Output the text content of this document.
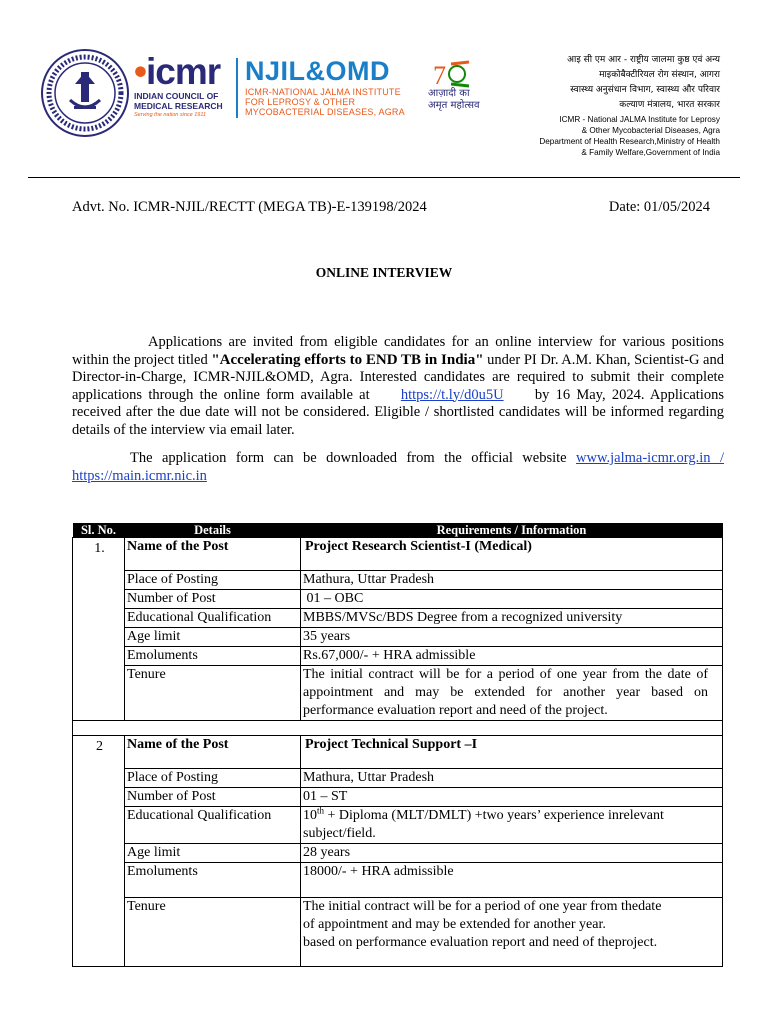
•icmr
INDIAN COUNCIL OF MEDICAL RESEARCH
Serving the nation since 1911
NJIL&OMD
ICMR-NATIONAL JALMA INSTITUTE FOR LEPROSY & OTHER MYCOBACTERIAL DISEASES, AGRA
7
आज़ादी का अमृत महोत्सव
आइ सी एम आर - राष्ट्रीय जालमा कुष्ठ एवं अन्य
माइकोबैक्टीरियल रोग संस्थान, आगरा
स्वास्थ्य अनुसंधान विभाग, स्वास्थ्य और परिवार
कल्याण मंत्रालय, भारत सरकार
ICMR - National JALMA Institute for Leprosy
& Other Mycobacterial Diseases, Agra
Department of Health Research,Ministry of Health
& Family Welfare,Government of India
Advt. No. ICMR-NJIL/RECTT (MEGA TB)-E-139198/2024	Date: 01/05/2024
ONLINE INTERVIEW
Applications are invited from eligible candidates for an online interview for various positions within the project titled "Accelerating efforts to END TB in India" under PI Dr. A.M. Khan, Scientist-G and Director-in-Charge, ICMR-NJIL&OMD, Agra. Interested candidates are required to submit their complete applications through the online form available at     https://t.ly/d0u5U     by 16 May, 2024. Applications received after the due date will not be considered. Eligible / shortlisted candidates will be informed regarding details of the interview via email later.
The application form can be downloaded from the official website www.jalma-icmr.org.in / https://main.icmr.nic.in
Sl. No.	Details	Requirements / Information
1.	Name of the Post	Project Research Scientist-I (Medical)
	Place of Posting	Mathura, Uttar Pradesh
	Number of Post	01 – OBC
	Educational Qualification	MBBS/MVSc/BDS Degree from a recognized university
	Age limit	35 years
	Emoluments	Rs.67,000/- + HRA admissible
	Tenure	The initial contract will be for a period of one year from the date of appointment and may be extended for another year based on performance evaluation report and need of the project.

2	Name of the Post	Project Technical Support –I
	Place of Posting	Mathura, Uttar Pradesh
	Number of Post	01 – ST
	Educational Qualification	10th + Diploma (MLT/DMLT) +two years’ experience inrelevant subject/field.
	Age limit	28 years
	Emoluments	18000/- + HRA admissible
	Tenure	The initial contract will be for a period of one year from thedate
of appointment and may be extended for another year.
based on performance evaluation report and need of theproject.
